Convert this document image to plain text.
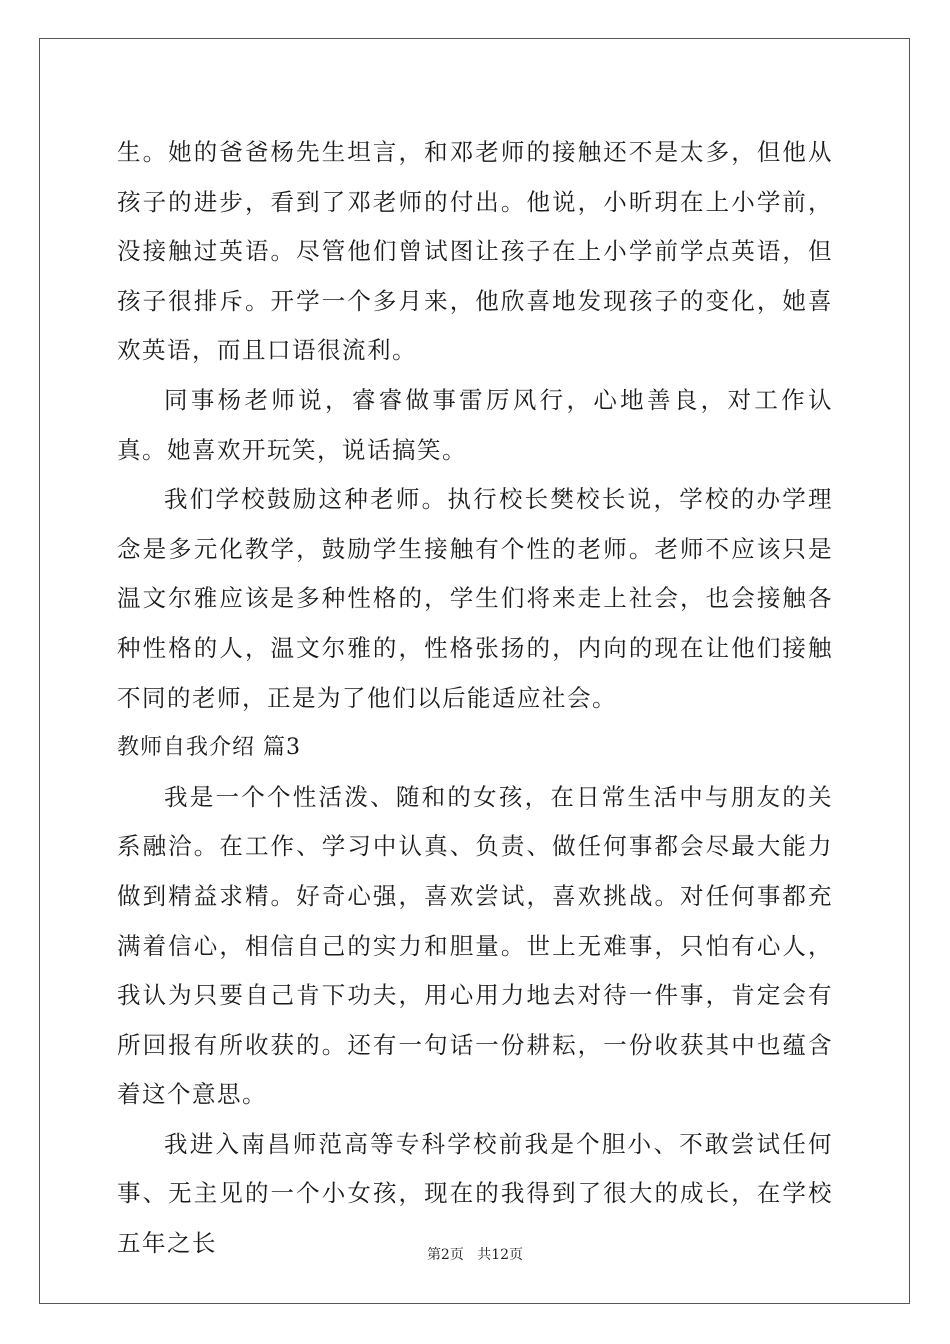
生。她的爸爸杨先生坦言，和邓老师的接触还不是太多，但他从孩子的进步，看到了邓老师的付出。他说，小昕玥在上小学前，没接触过英语。尽管他们曾试图让孩子在上小学前学点英语，但孩子很排斥。开学一个多月来，他欣喜地发现孩子的变化，她喜欢英语，而且口语很流利。

同事杨老师说，睿睿做事雷厉风行，心地善良，对工作认真。她喜欢开玩笑，说话搞笑。

我们学校鼓励这种老师。执行校长樊校长说，学校的办学理念是多元化教学，鼓励学生接触有个性的老师。老师不应该只是温文尔雅应该是多种性格的，学生们将来走上社会，也会接触各种性格的人，温文尔雅的，性格张扬的，内向的现在让他们接触不同的老师，正是为了他们以后能适应社会。

教师自我介绍 篇3

我是一个个性活泼、随和的女孩，在日常生活中与朋友的关系融洽。在工作、学习中认真、负责、做任何事都会尽最大能力做到精益求精。好奇心强，喜欢尝试，喜欢挑战。对任何事都充满着信心，相信自己的实力和胆量。世上无难事，只怕有心人，我认为只要自己肯下功夫，用心用力地去对待一件事，肯定会有所回报有所收获的。还有一句话一份耕耘，一份收获其中也蕴含着这个意思。

我进入南昌师范高等专科学校前我是个胆小、不敢尝试任何事、无主见的一个小女孩，现在的我得到了很大的成长，在学校五年之长	第2页 共12页
